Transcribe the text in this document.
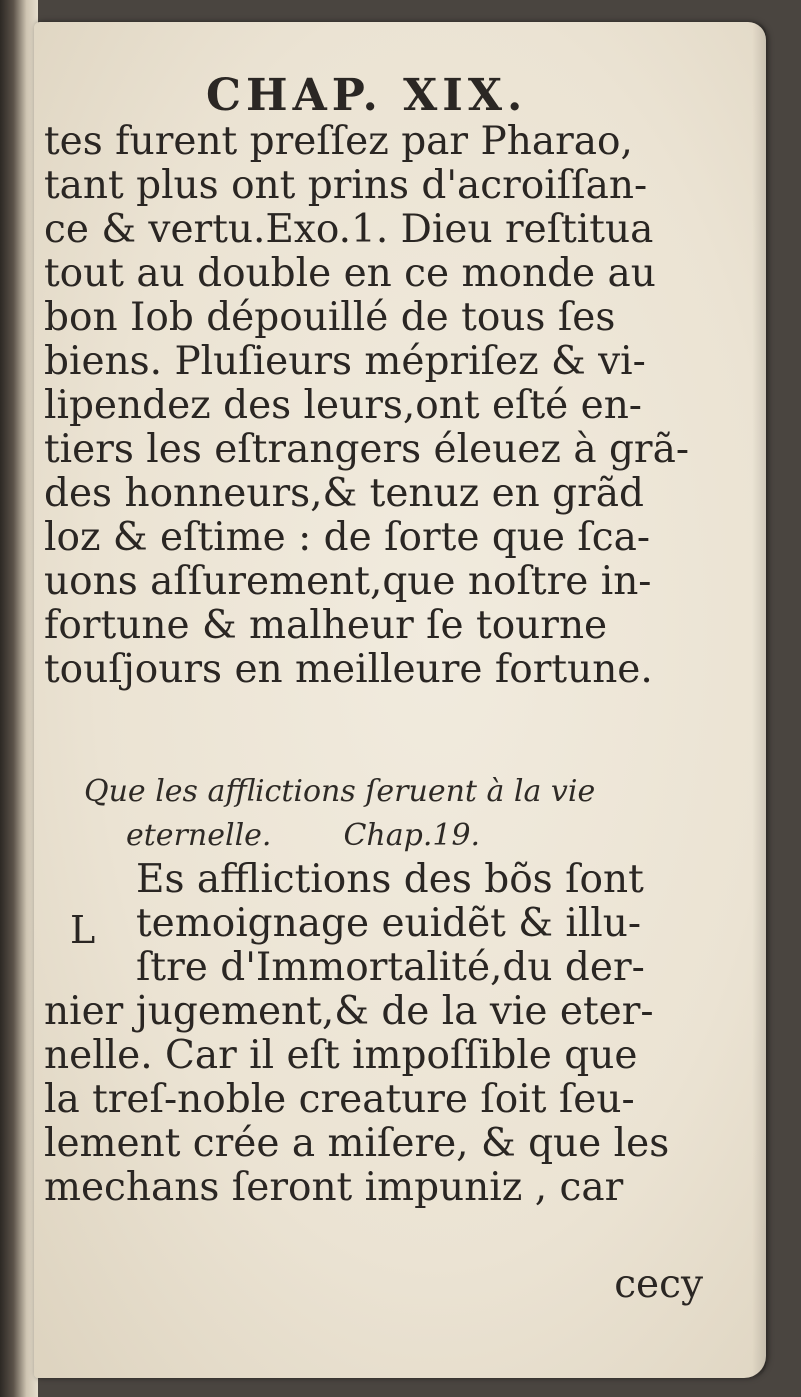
CHAP. XIX.
tes furent preſſez par Pharao,
tant plus ont prins d'acroiſſan-
ce & vertu.Exo.1. Dieu reſtitua
tout au double en ce monde au
bon Iob dépouillé de tous ſes
biens. Pluſieurs mépriſez & vi-
lipendez des leurs,ont eſté en-
tiers les eſtrangers éleuez à grã-
des honneurs,& tenuz en grãd
loz & eſtime : de ſorte que ſca-
uons aſſurement,que noſtre in-
fortune & malheur ſe tourne
touſjours en meilleure fortune.
Que les afflictions ſeruent à la vie
eternelle. Chap.19.
L
Es afflictions des bõs ſont
temoignage euidẽt & illu-
ſtre d'Immortalité,du der-
nier jugement,& de la vie eter-
nelle. Car il eſt impoſſible que
la treſ-noble creature ſoit ſeu-
lement crée a miſere, & que les
mechans ſeront impuniz , car
cecy
